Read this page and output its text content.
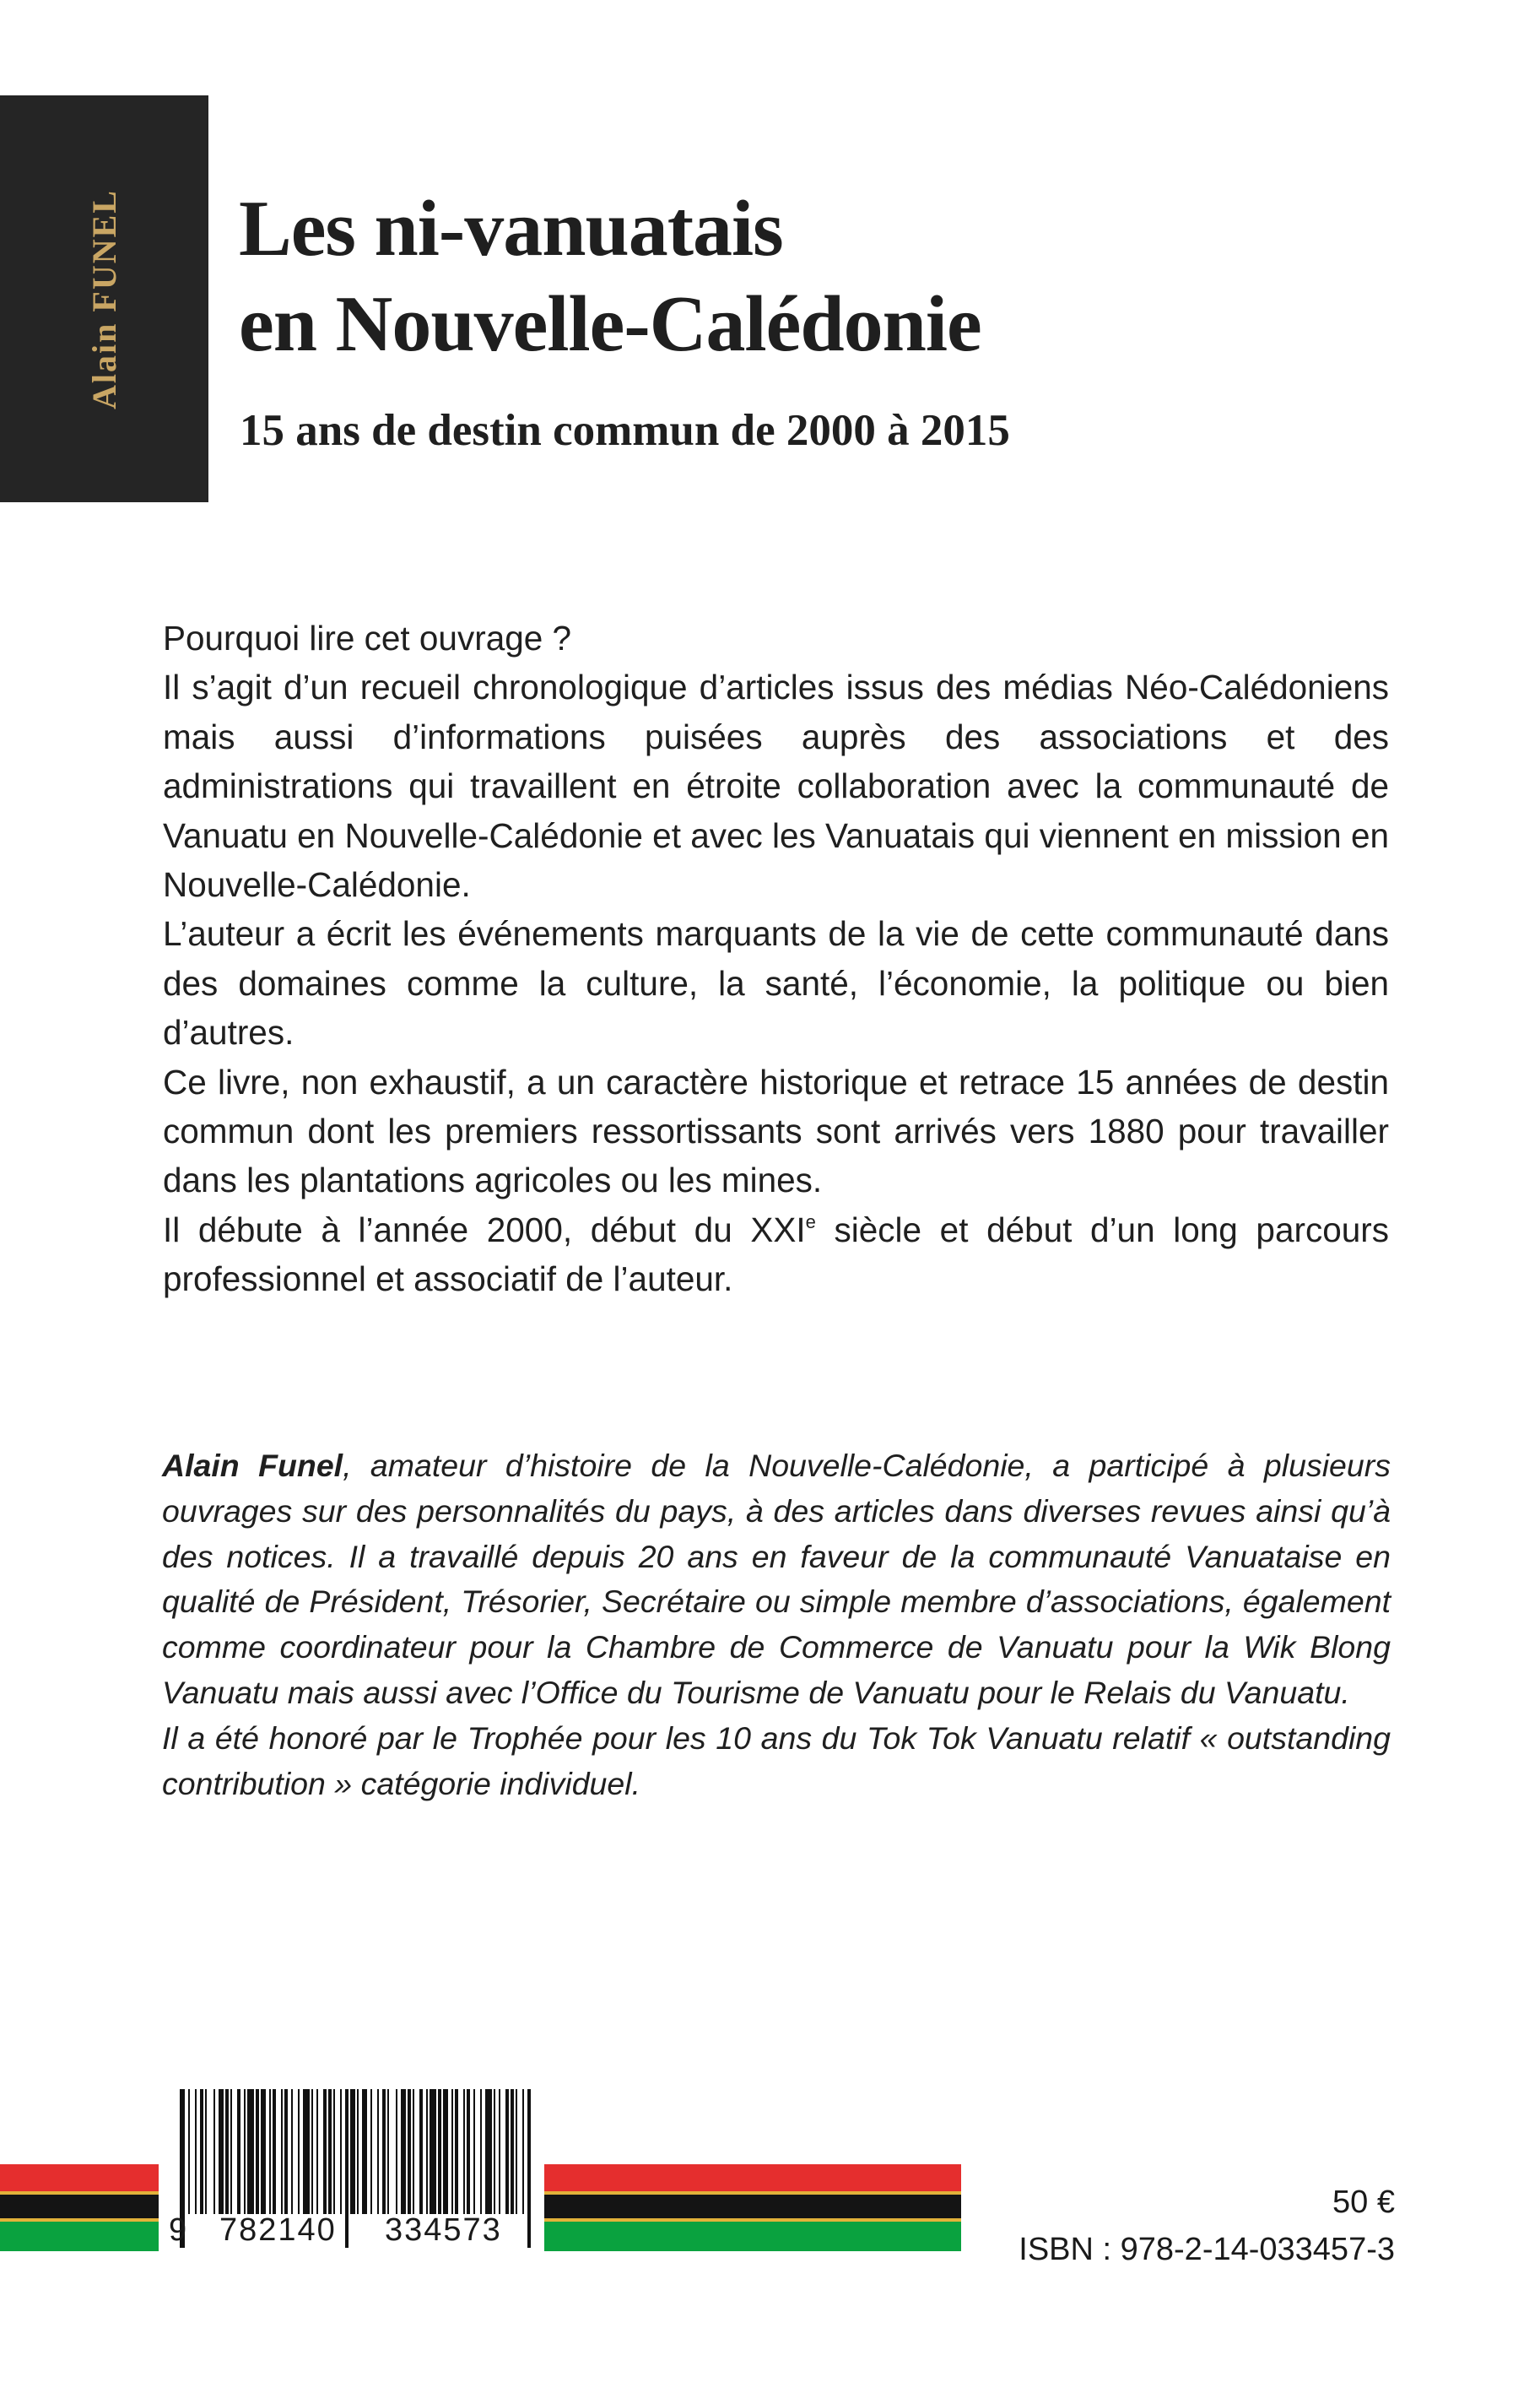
Alain FUNEL Les ni-vanuatais
en Nouvelle-Calédonie
15 ans de destin commun de 2000 à 2015

Pourquoi lire cet ouvrage ?

Il s’agit d’un recueil chronologique d’articles issus des médias Néo-Calédoniens mais aussi d’informations puisées auprès des associations et des administrations qui travaillent en étroite collaboration avec la communauté de Vanuatu en Nouvelle-Calédonie et avec les Vanuatais qui viennent en mission en Nouvelle-Calédonie.

L’auteur a écrit les événements marquants de la vie de cette communauté dans des domaines comme la culture, la santé, l’économie, la politique ou bien d’autres.

Ce livre, non exhaustif, a un caractère historique et retrace 15 années de destin commun dont les premiers ressortissants sont arrivés vers 1880 pour travailler dans les plantations agricoles ou les mines.

Il débute à l’année 2000, début du XXIe siècle et début d’un long parcours professionnel et associatif de l’auteur.

Alain Funel, amateur d’histoire de la Nouvelle-Calédonie, a participé à plusieurs ouvrages sur des personnalités du pays, à des articles dans diverses revues ainsi qu’à des notices. Il a travaillé depuis 20 ans en faveur de la communauté Vanuataise en qualité de Président, Trésorier, Secrétaire ou simple membre d’associations, également comme coordinateur pour la Chambre de Commerce de Vanuatu pour la Wik Blong Vanuatu mais aussi avec l’Office du Tourisme de Vanuatu pour le Relais du Vanuatu.

Il a été honoré par le Trophée pour les 10 ans du Tok Tok Vanuatu relatif « outstanding contribution » catégorie individuel.

9 782140 334573
50 €
ISBN : 978-2-14-033457-3
